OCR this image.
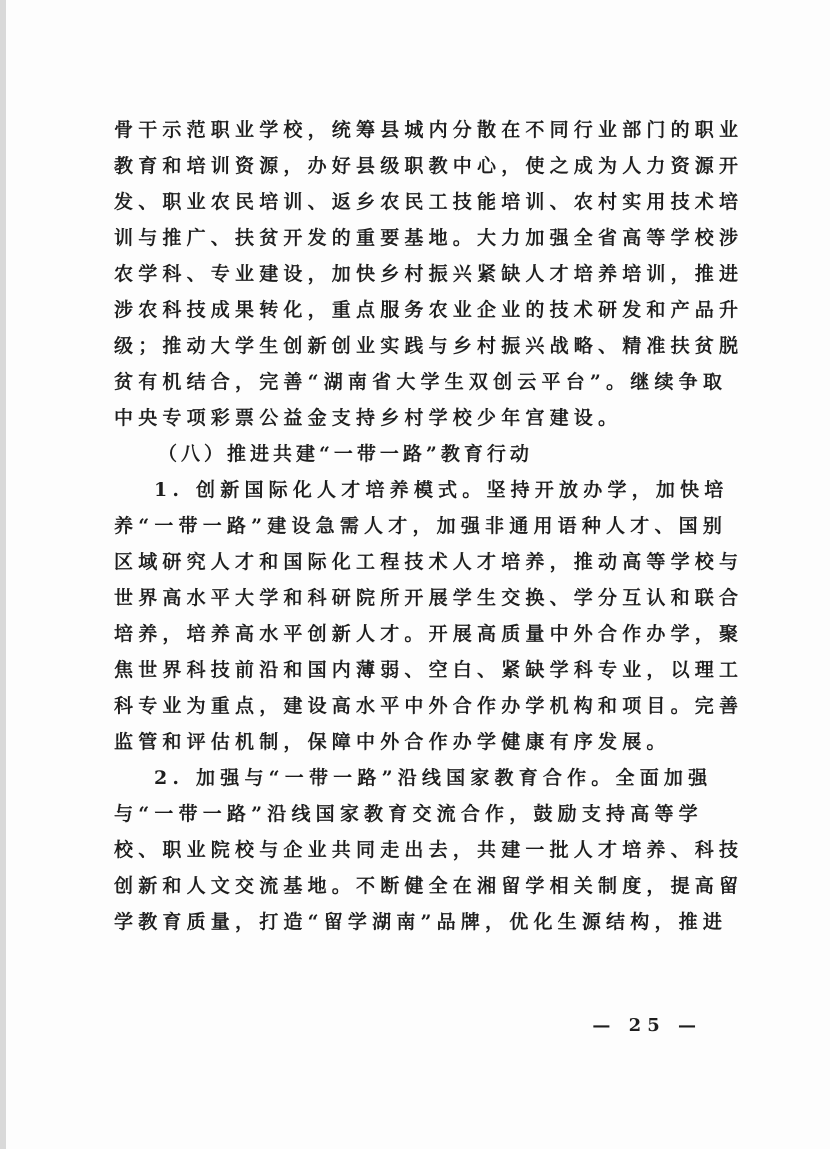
骨干示范职业学校，统筹县城内分散在不同行业部门的职业
教育和培训资源，办好县级职教中心，使之成为人力资源开
发、职业农民培训、返乡农民工技能培训、农村实用技术培
训与推广、扶贫开发的重要基地。大力加强全省高等学校涉
农学科、专业建设，加快乡村振兴紧缺人才培养培训，推进
涉农科技成果转化，重点服务农业企业的技术研发和产品升
级；推动大学生创新创业实践与乡村振兴战略、精准扶贫脱
贫有机结合，完善“湖南省大学生双创云平台”。继续争取
中央专项彩票公益金支持乡村学校少年宫建设。
（八）推进共建“一带一路”教育行动
1. 创新国际化人才培养模式。坚持开放办学，加快培
养“一带一路”建设急需人才，加强非通用语种人才、国别
区域研究人才和国际化工程技术人才培养，推动高等学校与
世界高水平大学和科研院所开展学生交换、学分互认和联合
培养，培养高水平创新人才。开展高质量中外合作办学，聚
焦世界科技前沿和国内薄弱、空白、紧缺学科专业，以理工
科专业为重点，建设高水平中外合作办学机构和项目。完善
监管和评估机制，保障中外合作办学健康有序发展。
2. 加强与“一带一路”沿线国家教育合作。全面加强
与“一带一路”沿线国家教育交流合作，鼓励支持高等学
校、职业院校与企业共同走出去，共建一批人才培养、科技
创新和人文交流基地。不断健全在湘留学相关制度，提高留
学教育质量，打造“留学湖南”品牌，优化生源结构，推进
— 25 —
